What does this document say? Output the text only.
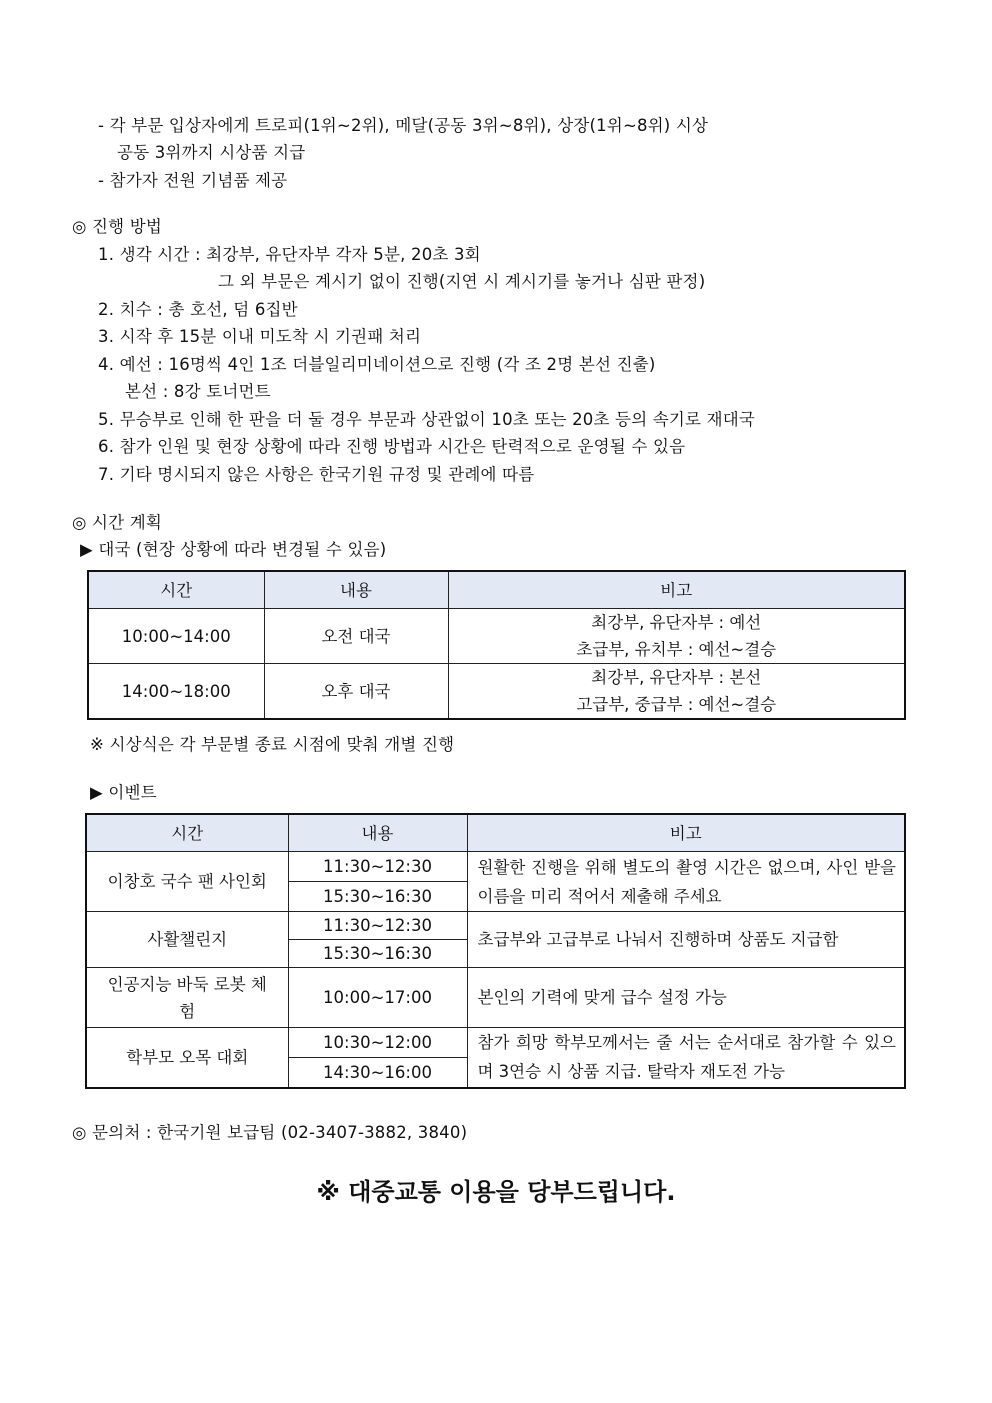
- 각 부문 입상자에게 트로피(1위~2위), 메달(공동 3위~8위), 상장(1위~8위) 시상
공동 3위까지 시상품 지급
- 참가자 전원 기념품 제공
◎ 진행 방법
1. 생각 시간 : 최강부, 유단자부 각자 5분, 20초 3회
그 외 부문은 계시기 없이 진행(지연 시 계시기를 놓거나 심판 판정)
2. 치수 : 총 호선, 덤 6집반
3. 시작 후 15분 이내 미도착 시 기권패 처리
4. 예선 : 16명씩 4인 1조 더블일리미네이션으로 진행 (각 조 2명 본선 진출)
본선 : 8강 토너먼트
5. 무승부로 인해 한 판을 더 둘 경우 부문과 상관없이 10초 또는 20초 등의 속기로 재대국
6. 참가 인원 및 현장 상황에 따라 진행 방법과 시간은 탄력적으로 운영될 수 있음
7. 기타 명시되지 않은 사항은 한국기원 규정 및 관례에 따름
◎ 시간 계획
▶ 대국 (현장 상황에 따라 변경될 수 있음)
시간	내용	비고
10:00~14:00	오전 대국	최강부, 유단자부 : 예선
초급부, 유치부 : 예선~결승

14:00~18:00	오후 대국	최강부, 유단자부 : 본선
고급부, 중급부 : 예선~결승
※ 시상식은 각 부문별 종료 시점에 맞춰 개별 진행
▶ 이벤트
시간	내용	비고
이창호 국수 팬 사인회	11:30~12:30	원활한 진행을 위해 별도의 촬영 시간은 없으며, 사인 받을 이름을 미리 적어서 제출해 주세요
	15:30~16:30	
사활챌린지	11:30~12:30	초급부와 고급부로 나눠서 진행하며 상품도 지급함
	15:30~16:30	
인공지능 바둑 로봇 체험	10:00~17:00	본인의 기력에 맞게 급수 설정 가능
학부모 오목 대회	10:30~12:00	참가 희망 학부모께서는 줄 서는 순서대로 참가할 수 있으며 3연승 시 상품 지급. 탈락자 재도전 가능
	14:30~16:00	
◎ 문의처 : 한국기원 보급팀 (02-3407-3882, 3840)
※ 대중교통 이용을 당부드립니다.
